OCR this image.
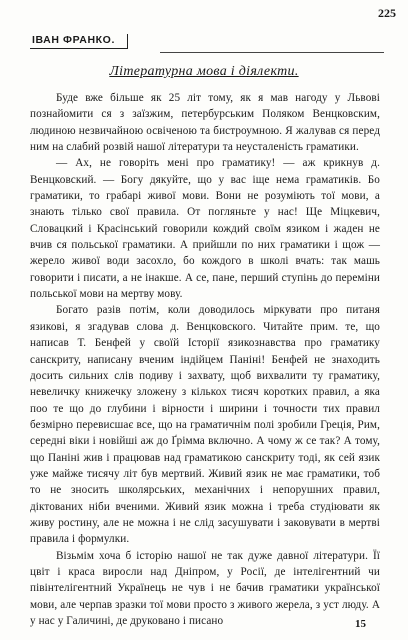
225
ІВАН ФРАНКО.
Літературна мова і діялекти.

Буде вже більше як 25 літ тому, як я мав нагоду у Львові познайомити ся з заїзжим, петербурським Поляком Венцковским, людиною незвичайною освіченою та бистроумною. Я жалував ся перед ним на слабий розвій нашої літератури та неусталеність граматики.

— Ах, не говоріть мені про граматику! — аж крикнув д. Венцковский. — Богу дякуйте, що у вас іще нема граматиків. Бо граматики, то грабарі живої мови. Вони не розуміють тої мови, а знають тілько свої правила. От погляньте у нас! Ще Міцкевич, Словацкий і Красінський говорили кождий своїм язиком і жаден не вчив ся польської граматики. А прийшли по них граматики і щож — жерело живої води засохло, бо кождого в школі вчать: так машь говорити і писати, а не інакше. А се, пане, перший ступінь до переміни польської мови на мертву мову.

Богато разів потім, коли доводилось міркувати про питаня язикові, я згадував слова д. Венцковского. Читайте прим. те, що написав Т. Бенфей у своїй Історії язикознавства про граматику санскриту, написану вченим індійцем Паніні! Бенфей не знаходить досить сильних слів подиву і захвату, щоб вихвалити ту граматику, невеличку книжечку зложену з кількох тисяч коротких правил, а яка поо те що до глубини і вірности і ширини і точности тих правил безмірно перевисшає все, що на граматичнім полі зробили Греція, Рим, середні віки і новійші аж до Ґрімма включно. А чому ж се так? А тому, що Паніні жив і працював над граматикою санскриту тоді, як сей язик уже майже тисячу літ був мертвий. Живий язик не має граматики, тоб то не зносить школярських, механічних і непорушних правил, діктованих ніби вченими. Живий язик можна і треба студіювати як живу ростину, але не можна і не слід засушувати і заковувати в мертві правила і формулки.

Візьмім хоча б історію нашої не так дуже давної літератури. Її цвіт і краса виросли над Дніпром, у Росії, де інтелігентний чи півінтелігентний Українець не чув і не бачив граматики української мови, але черпав зразки тої мови просто з живого жерела, з уст люду. А у нас у Галичині, де друковано і писано	15
